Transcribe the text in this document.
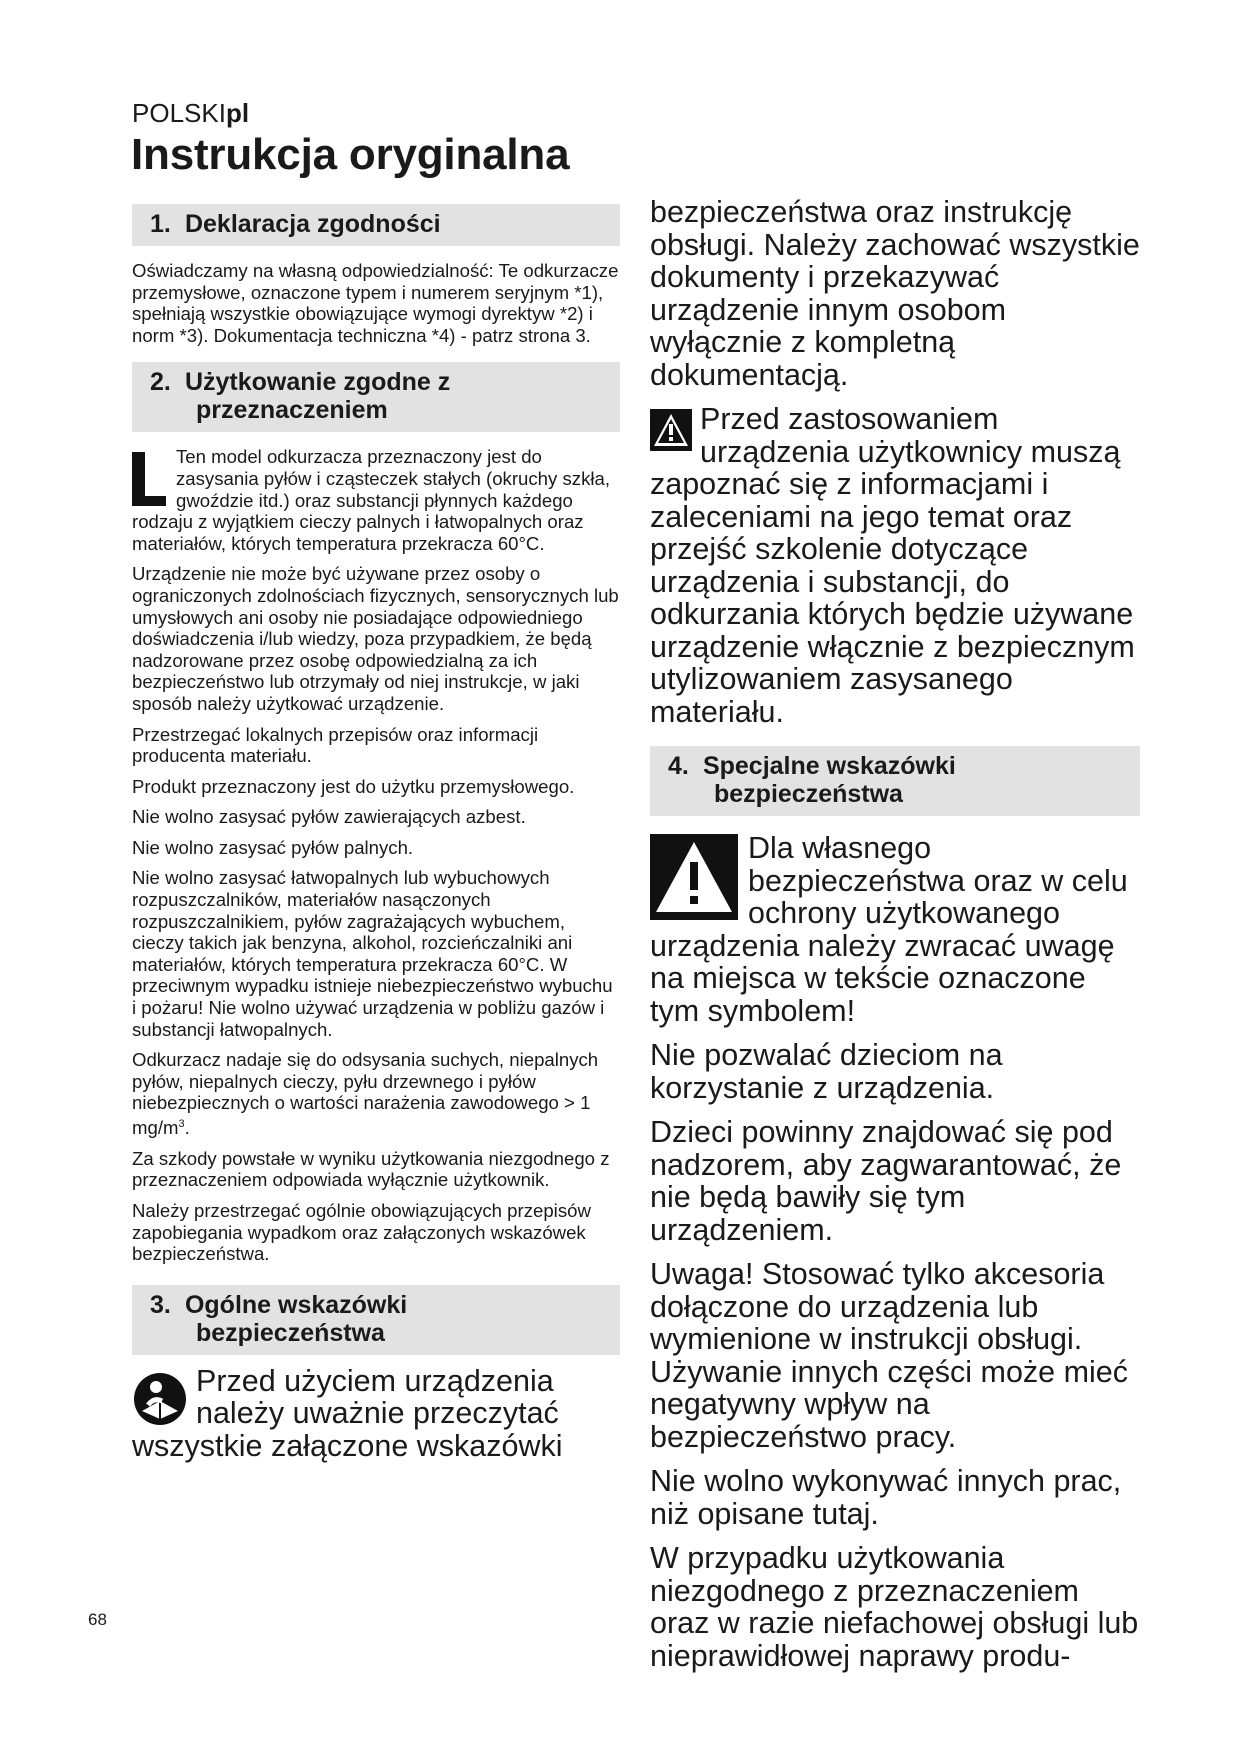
POLSKIpl
Instrukcja oryginalna
1. Deklaracja zgodności

Oświadczamy na własną odpowiedzialność: Te odkurzacze przemysłowe, oznaczone typem i numerem seryjnym *1), spełniają wszystkie obowiązujące wymogi dyrektyw *2) i norm *3). Dokumentacja techniczna *4) - patrz strona 3.

2. Użytkowanie zgodne z
przeznaczeniem

Ten model odkurzacza przeznaczony jest do zasysania pyłów i cząsteczek stałych (okruchy szkła, gwoździe itd.) oraz substancji płynnych każdego rodzaju z wyjątkiem cieczy palnych i łatwopalnych oraz materiałów, których temperatura przekracza 60°C.

Urządzenie nie może być używane przez osoby o ograniczonych zdolnościach fizycznych, sensorycznych lub umysłowych ani osoby nie posiadające odpowiedniego doświadczenia i/lub wiedzy, poza przypadkiem, że będą nadzorowane przez osobę odpowiedzialną za ich bezpieczeństwo lub otrzymały od niej instrukcje, w jaki sposób należy użytkować urządzenie.

Przestrzegać lokalnych przepisów oraz informacji producenta materiału.

Produkt przeznaczony jest do użytku przemysłowego.

Nie wolno zasysać pyłów zawierających azbest.

Nie wolno zasysać pyłów palnych.

Nie wolno zasysać łatwopalnych lub wybuchowych rozpuszczalników, materiałów nasączonych rozpuszczalnikiem, pyłów zagrażających wybuchem, cieczy takich jak benzyna, alkohol, rozcieńczalniki ani materiałów, których temperatura przekracza 60°C. W przeciwnym wypadku istnieje niebezpieczeństwo wybuchu i pożaru! Nie wolno używać urządzenia w pobliżu gazów i substancji łatwopalnych.

Odkurzacz nadaje się do odsysania suchych, niepalnych pyłów, niepalnych cieczy, pyłu drzewnego i pyłów niebezpiecznych o wartości narażenia zawodowego > 1 $mg/m^3$.

Za szkody powstałe w wyniku użytkowania niezgodnego z przeznaczeniem odpowiada wyłącznie użytkownik.

Należy przestrzegać ogólnie obowiązujących przepisów zapobiegania wypadkom oraz załączonych wskazówek bezpieczeństwa.

3. Ogólne wskazówki
bezpieczeństwa

Przed użyciem urządzenia należy uważnie przeczytać wszystkie załączone wskazówki

bezpieczeństwa oraz instrukcję obsługi. Należy zachować wszystkie dokumenty i przekazywać urządzenie innym osobom wyłącznie z kompletną dokumentacją.

Przed zastosowaniem urządzenia użytkownicy muszą zapoznać się z informacjami i zaleceniami na jego temat oraz przejść szkolenie dotyczące urządzenia i substancji, do odkurzania których będzie używane urządzenie włącznie z bezpiecznym utylizowaniem zasysanego materiału.

4. Specjalne wskazówki
bezpieczeństwa

Dla własnego bezpieczeństwa oraz w celu ochrony użytkowanego urządzenia należy zwracać uwagę na miejsca w tekście oznaczone tym symbolem!

Nie pozwalać dzieciom na korzystanie z urządzenia.

Dzieci powinny znajdować się pod nadzorem, aby zagwarantować, że nie będą bawiły się tym urządzeniem.

Uwaga! Stosować tylko akcesoria dołączone do urządzenia lub wymienione w instrukcji obsługi. Używanie innych części może mieć negatywny wpływ na bezpieczeństwo pracy.

Nie wolno wykonywać innych prac, niż opisane tutaj.

W przypadku użytkowania niezgodnego z przeznaczeniem oraz w razie niefachowej obsługi lub nieprawidłowej naprawy produ-

68
